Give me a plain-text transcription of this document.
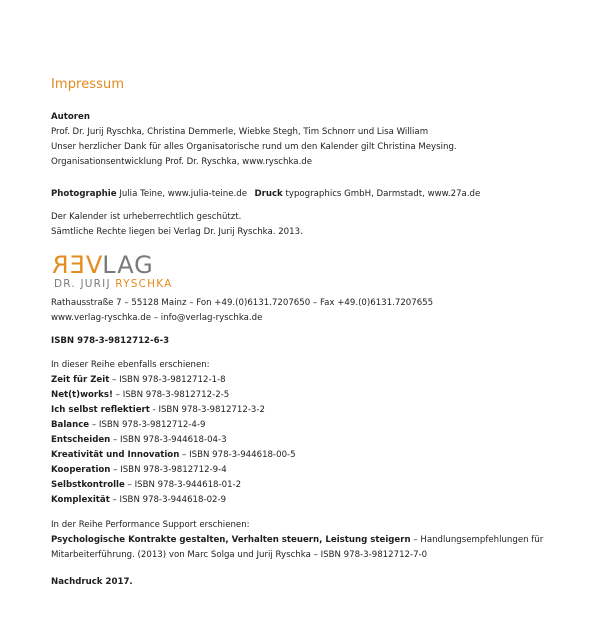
Impressum

Autoren

Prof. Dr. Jurij Ryschka, Christina Demmerle, Wiebke Stegh, Tim Schnorr und Lisa William

Unser herzlicher Dank für alles Organisatorische rund um den Kalender gilt Christina Meysing.

Organisationsentwicklung Prof. Dr. Ryschka, www.ryschka.de

Photographie Julia Teine, www.julia-teine.de Druck typographics GmbH, Darmstadt, www.27a.de

Der Kalender ist urheberrechtlich geschützt.

Sämtliche Rechte liegen bei Verlag Dr. Jurij Ryschka. 2013.

VERLAG
DR. JURIJ RYSCHKA

Rathausstraße 7 – 55128 Mainz – Fon +49.(0)6131.7207650 – Fax +49.(0)6131.7207655

www.verlag-ryschka.de – info@verlag-ryschka.de

ISBN 978-3-9812712-6-3

In dieser Reihe ebenfalls erschienen:

Zeit für Zeit – ISBN 978-3-9812712-1-8

Net(t)works! – ISBN 978-3-9812712-2-5

Ich selbst reflektiert - ISBN 978-3-9812712-3-2

Balance – ISBN 978-3-9812712-4-9

Entscheiden – ISBN 978-3-944618-04-3

Kreativität und Innovation – ISBN 978-3-944618-00-5

Kooperation – ISBN 978-3-9812712-9-4

Selbstkontrolle – ISBN 978-3-944618-01-2

Komplexität – ISBN 978-3-944618-02-9

In der Reihe Performance Support erschienen:

Psychologische Kontrakte gestalten, Verhalten steuern, Leistung steigern – Handlungsempfehlungen für

Mitarbeiterführung. (2013) von Marc Solga und Jurij Ryschka – ISBN 978-3-9812712-7-0

Nachdruck 2017.
